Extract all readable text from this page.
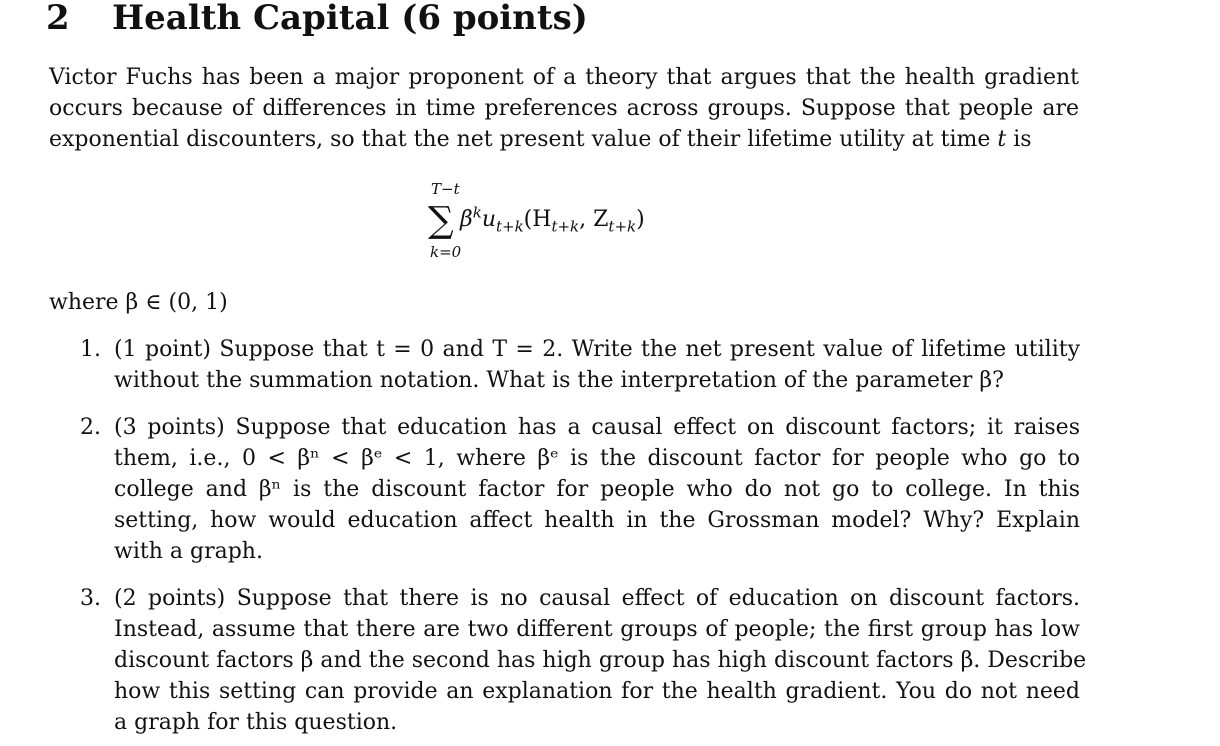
2 Health Capital (6 points)
Victor Fuchs has been a major proponent of a theory that argues that the health gradient
occurs because of differences in time preferences across groups. Suppose that people are
exponential discounters, so that the net present value of their lifetime utility at time t is
T−t
∑
k=0
$\beta^ku_{t+k}(H_{t+k}$, $Z_{t+k}$)
where β ∈ (0, 1)
1. (1 point) Suppose that t = 0 and T = 2. Write the net present value of lifetime utility
without the summation notation. What is the interpretation of the parameter β?
2. (3 points) Suppose that education has a causal effect on discount factors; it raises
them, i.e., 0 < βⁿ < βᵉ < 1, where βᵉ is the discount factor for people who go to
college and βⁿ is the discount factor for people who do not go to college. In this
setting, how would education affect health in the Grossman model? Why? Explain
with a graph.
3. (2 points) Suppose that there is no causal effect of education on discount factors.
Instead, assume that there are two different groups of people; the first group has low
discount factors β and the second has high group has high discount factors β. Describe
how this setting can provide an explanation for the health gradient. You do not need
a graph for this question.
